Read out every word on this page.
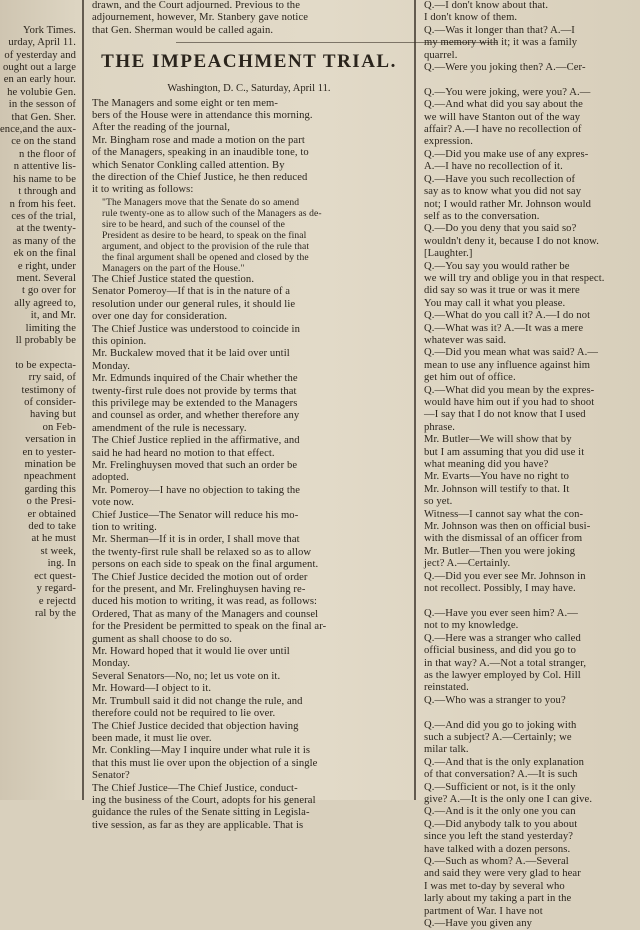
York Times.
urday, April 11.
of yesterday and
ought out a large
en an early hour.
he volubie Gen.
in the sesson of
that Gen. Sher.
ence,and the aux-
ce on the stand
n the floor of
n attentive lis-
his name to be
t through and
n from his feet.
ces of the trial,
at the twenty-
as many of the
ek on the final
e right, under
ment. Several
t go over for
ally agreed to,
it, and Mr.
limiting the
ll probably be

to be expecta-
rry said, of
testimony of
of consider-
having but
on Feb-
versation in
en to yester-
mination be
npeachment
garding this
o the Presi-
er obtained
ded to take
at he must
st week,
ing. In
ect quest-
y regard-
e rejectd
ral by the
drawn, and the Court adjourned. Previous to the
adjournement, however, Mr. Stanbery gave notice
that Gen. Sherman would be called again.
THE IMPEACHMENT TRIAL.
Washington, D. C., Saturday, April 11.
The Managers and some eight or ten mem-
bers of the House were in attendance this morning.
After the reading of the journal,
Mr. Bingham rose and made a motion on the part
of the Managers, speaking in an inaudible tone, to
which Senator Conkling called attention. By
the direction of the Chief Justice, he then reduced
it to writing as follows:
"The Managers move that the Senate do so amend
rule twenty-one as to allow such of the Managers as de-
sire to be heard, and such of the counsel of the
President as desire to be heard, to speak on the final
argument, and object to the provision of the rule that
the final argument shall be opened and closed by the
Managers on the part of the House."
The Chief Justice stated the question.
Senator Pomeroy—If that is in the nature of a
resolution under our general rules, it should lie
over one day for consideration.
The Chief Justice was understood to coincide in
this opinion.
Mr. Buckalew moved that it be laid over until
Monday.
Mr. Edmunds inquired of the Chair whether the
twenty-first rule does not provide by terms that
this privilege may be extended to the Managers
and counsel as order, and whether therefore any
amendment of the rule is necessary.
The Chief Justice replied in the affirmative, and
said he had heard no motion to that effect.
Mr. Frelinghuysen moved that such an order be
adopted.
Mr. Pomeroy—I have no objection to taking the
vote now.
Chief Justice—The Senator will reduce his mo-
tion to writing.
Mr. Sherman—If it is in order, I shall move that
the twenty-first rule shall be relaxed so as to allow
persons on each side to speak on the final argument.
The Chief Justice decided the motion out of order
for the present, and Mr. Frelinghuysen having re-
duced his motion to writing, it was read, as follows:
Ordered, That as many of the Managers and counsel
for the President be permitted to speak on the final ar-
gument as shall choose to do so.
Mr. Howard hoped that it would lie over until
Monday.
Several Senators—No, no; let us vote on it.
Mr. Howard—I object to it.
Mr. Trumbull said it did not change the rule, and
therefore could not be required to lie over.
The Chief Justice decided that objection having
been made, it must lie over.
Mr. Conkling—May I inquire under what rule it is
that this must lie over upon the objection of a single
Senator?
The Chief Justice—The Chief Justice, conduct-
ing the business of the Court, adopts for his general
guidance the rules of the Senate sitting in Legisla-
tive session, as far as they are applicable. That is
Q.—I don't know about that.
I don't know of them.
Q.—Was it longer than that? A.—I
my memory with it; it was a family
quarrel.
Q.—Were you joking then? A.—Cer-

Q.—You were joking, were you? A.—
Q.—And what did you say about the
we will have Stanton out of the way
affair? A.—I have no recollection of
expression.
Q.—Did you make use of any expres-
A.—I have no recollection of it.
Q.—Have you such recollection of
say as to know what you did not say
not; I would rather Mr. Johnson would
self as to the conversation.
Q.—Do you deny that you said so?
wouldn't deny it, because I do not know.
[Laughter.]
Q.—You say you would rather be
we will try and oblige you in that respect.
did say so was it true or was it mere
You may call it what you please.
Q.—What do you call it? A.—I do not
Q.—What was it? A.—It was a mere
whatever was said.
Q.—Did you mean what was said? A.—
mean to use any influence against him
get him out of office.
Q.—What did you mean by the expres-
would have him out if you had to shoot
—I say that I do not know that I used
phrase.
Mr. Butler—We will show that by
but I am assuming that you did use it
what meaning did you have?
Mr. Evarts—You have no right to
Mr. Johnson will testify to that. It
so yet.
Witness—I cannot say what the con-
Mr. Johnson was then on official busi-
with the dismissal of an officer from
Mr. Butler—Then you were joking
ject? A.—Certainly.
Q.—Did you ever see Mr. Johnson in
not recollect. Possibly, I may have.

Q.—Have you ever seen him? A.—
not to my knowledge.
Q.—Here was a stranger who called
official business, and did you go to
in that way? A.—Not a total stranger,
as the lawyer employed by Col. Hill
reinstated.
Q.—Who was a stranger to you?

Q.—And did you go to joking with
such a subject? A.—Certainly; we
milar talk.
Q.—And that is the only explanation
of that conversation? A.—It is such
Q.—Sufficient or not, is it the only
give? A.—It is the only one I can give.
Q.—And is it the only one you can
Q.—Did anybody talk to you about
since you left the stand yesterday?
have talked with a dozen persons.
Q.—Such as whom? A.—Several
and said they were very glad to hear
I was met to-day by several who
larly about my taking a part in the
partment of War. I have not
Q.—Have you given any
